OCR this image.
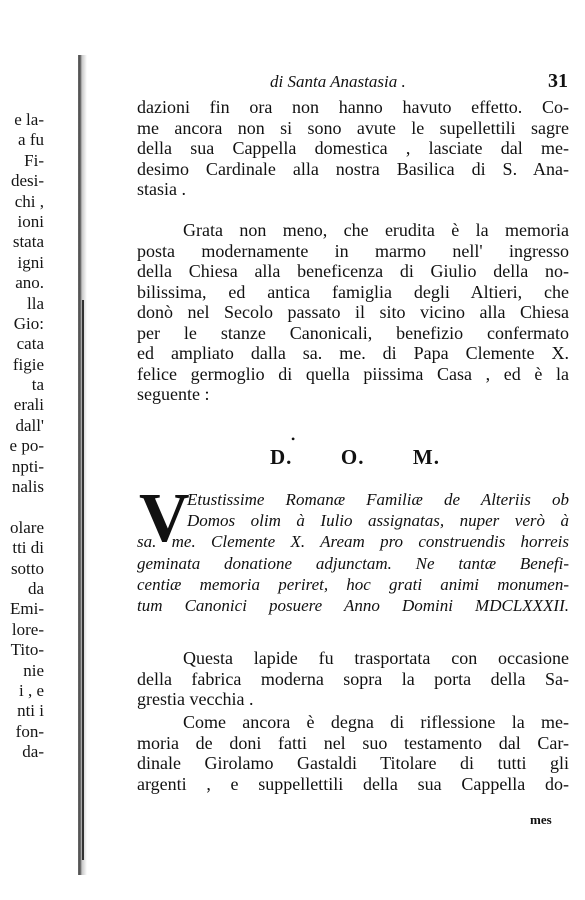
e la-
a fu
Fi-
desi-
chi ,
ioni
stata
igni
ano.
lla
Gio:
cata
figie
ta
erali
dall'
e po-
npti-
nalis
olare
tti di
sotto
da
Emi-
lore-
Tito-
nie
i , e
nti i
fon-
da-
di Santa Anastasia .	31
dazioni fin ora non hanno havuto effetto. Co-
me ancora non si sono avute le supellettili sagre
della sua Cappella domestica , lasciate dal me-
desimo Cardinale alla nostra Basilica di S. Ana-
stasia .
Grata non meno, che erudita è la memoria
posta modernamente in marmo nell' ingresso
della Chiesa alla beneficenza di Giulio della no-
bilissima, ed antica famiglia degli Altieri, che
donò nel Secolo passato il sito vicino alla Chiesa
per le stanze Canonicali, benefizio confermato
ed ampliato dalla sa. me. di Papa Clemente X.
felice germoglio di quella piissima Casa , ed è la
seguente :
•
D. O. M.
V
Etustissime Romanæ Familiæ de Alteriis ob
Domos olim à Iulio assignatas, nuper verò à
sa. me. Clemente X. Aream pro construendis horreis
geminata donatione adjunctam. Ne tantæ Benefi-
centiæ memoria periret, hoc grati animi monumen-
tum Canonici posuere Anno Domini MDCLXXXII.
Questa lapide fu trasportata con occasione
della fabrica moderna sopra la porta della Sa-
grestia vecchia .
Come ancora è degna di riflessione la me-
moria de doni fatti nel suo testamento dal Car-
dinale Girolamo Gastaldi Titolare di tutti gli
argenti , e suppellettili della sua Cappella do-
mes
